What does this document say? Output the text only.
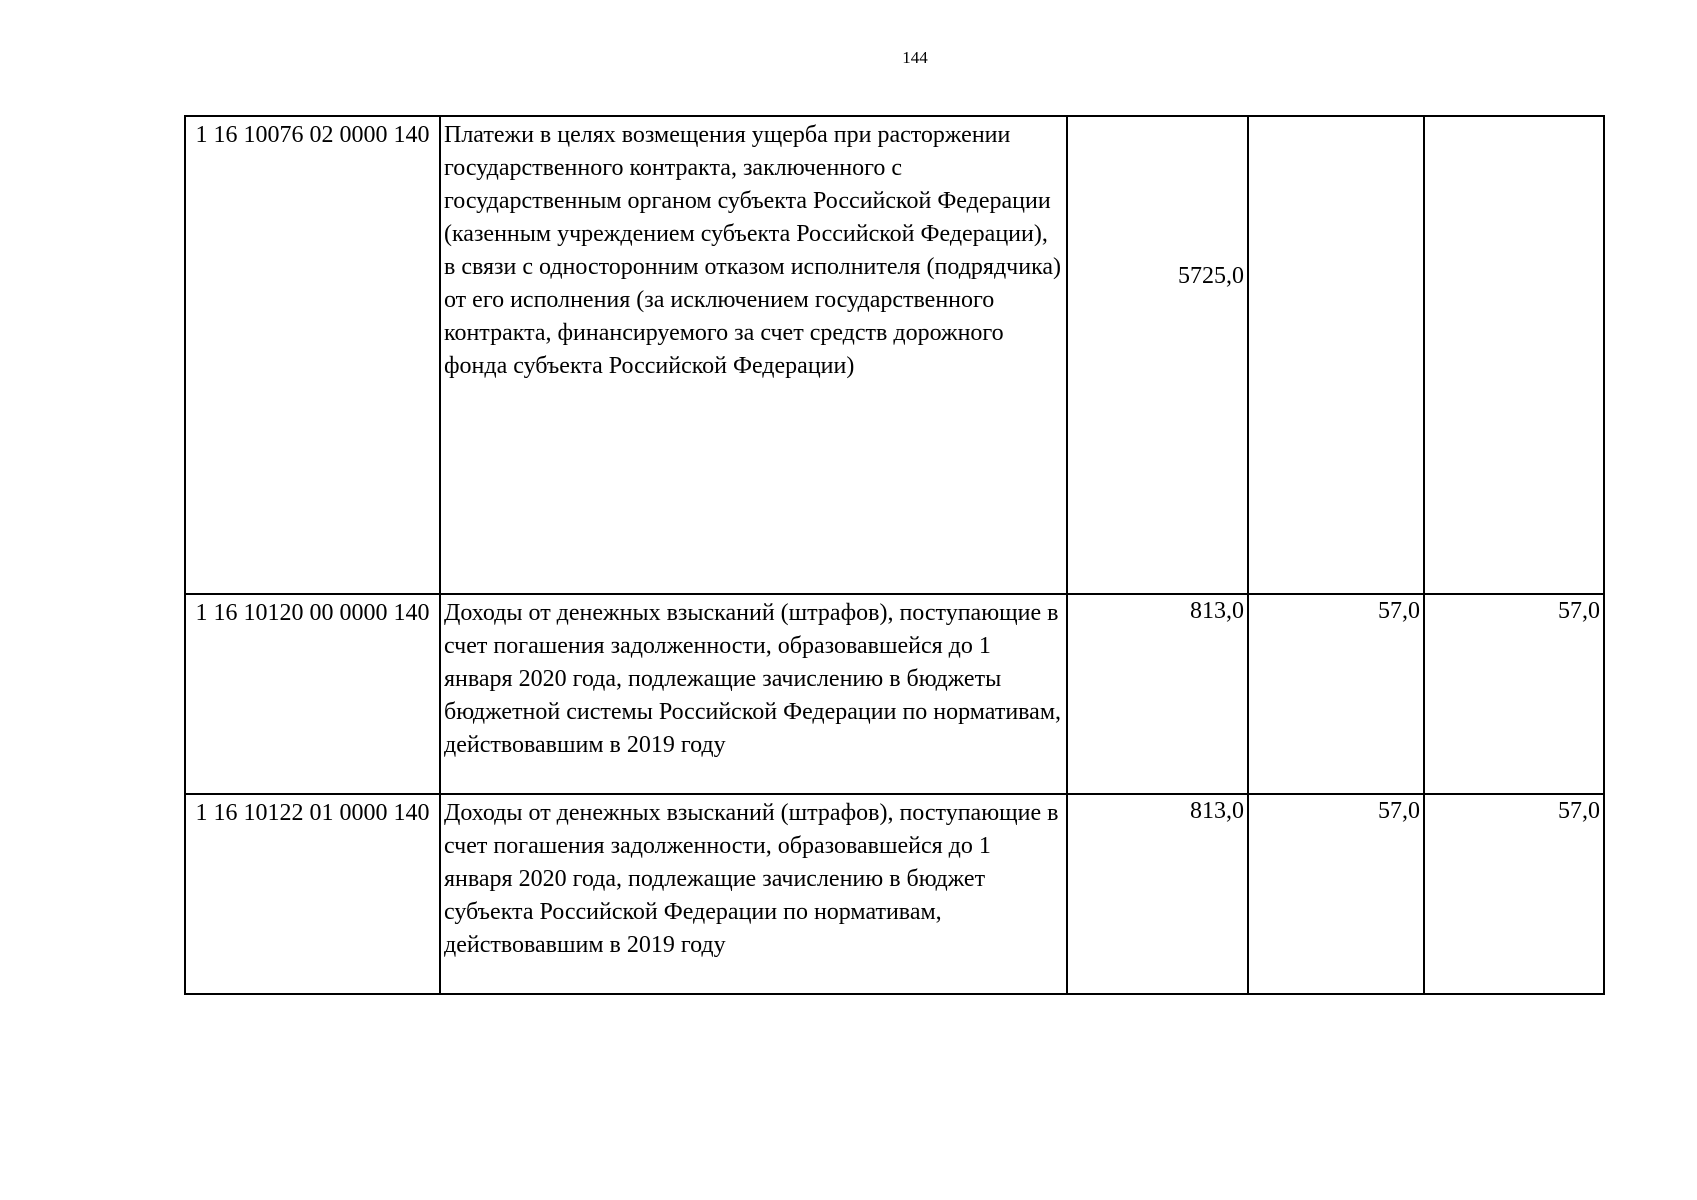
144
1 16 10076 02 0000 140	Платежи в целях возмещения ущерба при расторжении государственного контракта, заключенного с государственным органом субъекта Российской Федерации (казенным учреждением субъекта Российской Федерации), в связи с односторонним отказом исполнителя (подрядчика) от его исполнения (за исключением государственного контракта, финансируемого за счет средств дорожного фонда субъекта Российской Федерации)	5725,0		

1 16 10120 00 0000 140	Доходы от денежных взысканий (штрафов), поступающие в счет погашения задолженности, образовавшейся до 1 января 2020 года, подлежащие зачислению в бюджеты бюджетной системы Российской Федерации по нормативам, действовавшим в 2019 году	813,0	57,0	57,0

1 16 10122 01 0000 140	Доходы от денежных взысканий (штрафов), поступающие в счет погашения задолженности, образовавшейся до 1 января 2020 года, подлежащие зачислению в бюджет субъекта Российской Федерации по нормативам, действовавшим в 2019 году	813,0	57,0	57,0
